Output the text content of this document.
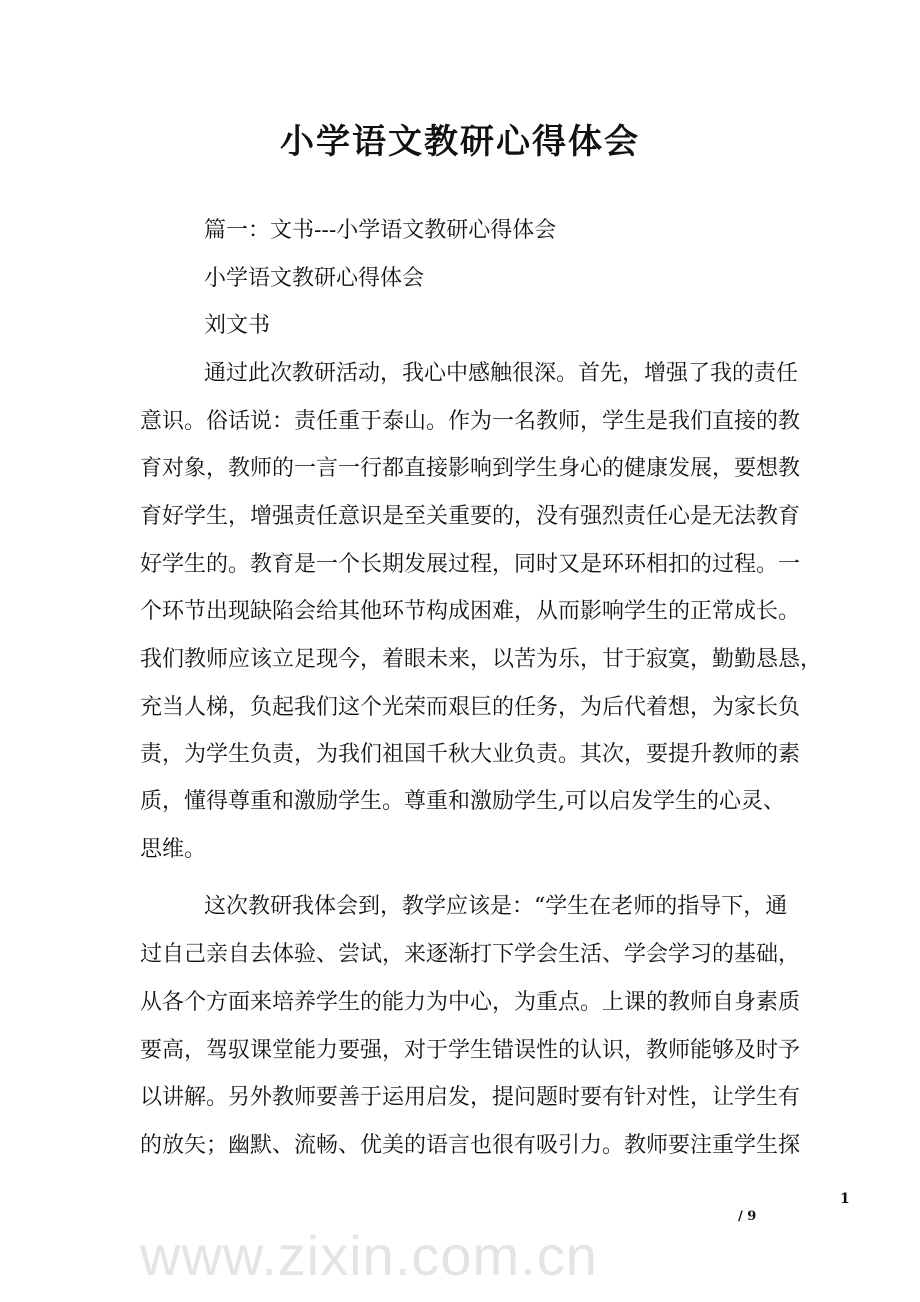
小学语文教研心得体会
篇一：文书---小学语文教研心得体会
小学语文教研心得体会
刘文书
通过此次教研活动，我心中感触很深。首先，增强了我的责任
意识。俗话说：责任重于泰山。作为一名教师，学生是我们直接的教
育对象，教师的一言一行都直接影响到学生身心的健康发展，要想教
育好学生，增强责任意识是至关重要的，没有强烈责任心是无法教育
好学生的。教育是一个长期发展过程，同时又是环环相扣的过程。一
个环节出现缺陷会给其他环节构成困难，从而影响学生的正常成长。
我们教师应该立足现今，着眼未来，以苦为乐，甘于寂寞，勤勤恳恳，
充当人梯，负起我们这个光荣而艰巨的任务，为后代着想，为家长负
责，为学生负责，为我们祖国千秋大业负责。其次，要提升教师的素
质，懂得尊重和激励学生。尊重和激励学生,可以启发学生的心灵、
思维。
这次教研我体会到，教学应该是：“学生在老师的指导下，通
过自己亲自去体验、尝试，来逐渐打下学会生活、学会学习的基础，
从各个方面来培养学生的能力为中心，为重点。上课的教师自身素质
要高，驾驭课堂能力要强，对于学生错误性的认识，教师能够及时予
以讲解。另外教师要善于运用启发，提问题时要有针对性，让学生有
的放矢；幽默、流畅、优美的语言也很有吸引力。教师要注重学生探
1
/ 9
www.zixin.com.cn
